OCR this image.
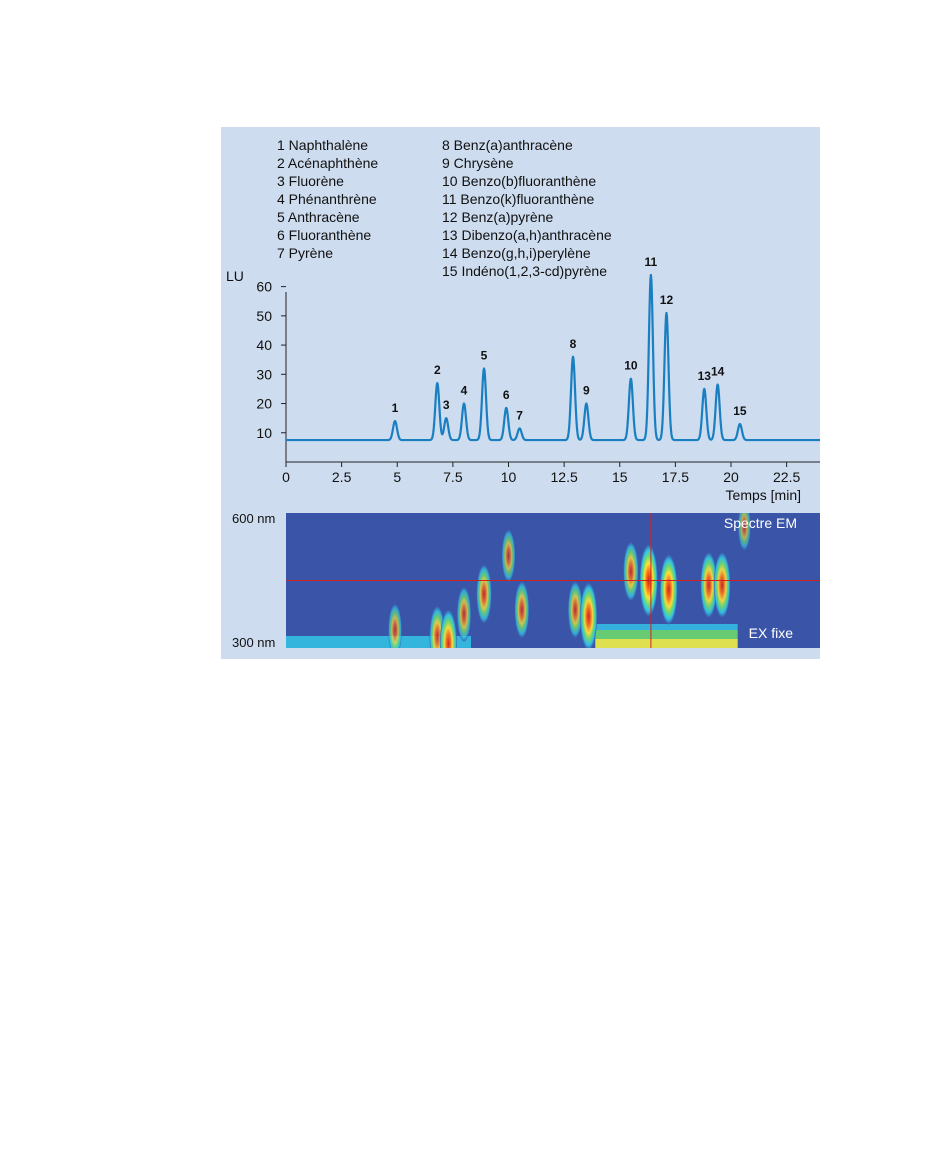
1 Naphthalène
2 Acénaphthène
3 Fluorène
4 Phénanthrène
5 Anthracène
6 Fluoranthène
7 Pyrène
8 Benz(a)anthracène
9 Chrysène
10 Benzo(b)fluoranthène
11 Benzo(k)fluoranthène
12 Benz(a)pyrène
13 Dibenzo(a,h)anthracène
14 Benzo(g,h,i)perylène
15 Indéno(1,2,3-cd)pyrène
10
20
30
40
50
60
0	2.5	5	7.5	10 12.5 15 17.5 20 22.5
LU
Temps [min]
1
2
3
4
5
6
7
8
9
10
11
12
13 14
15
600 nm
300 nm
Spectre EM
EX fixe
